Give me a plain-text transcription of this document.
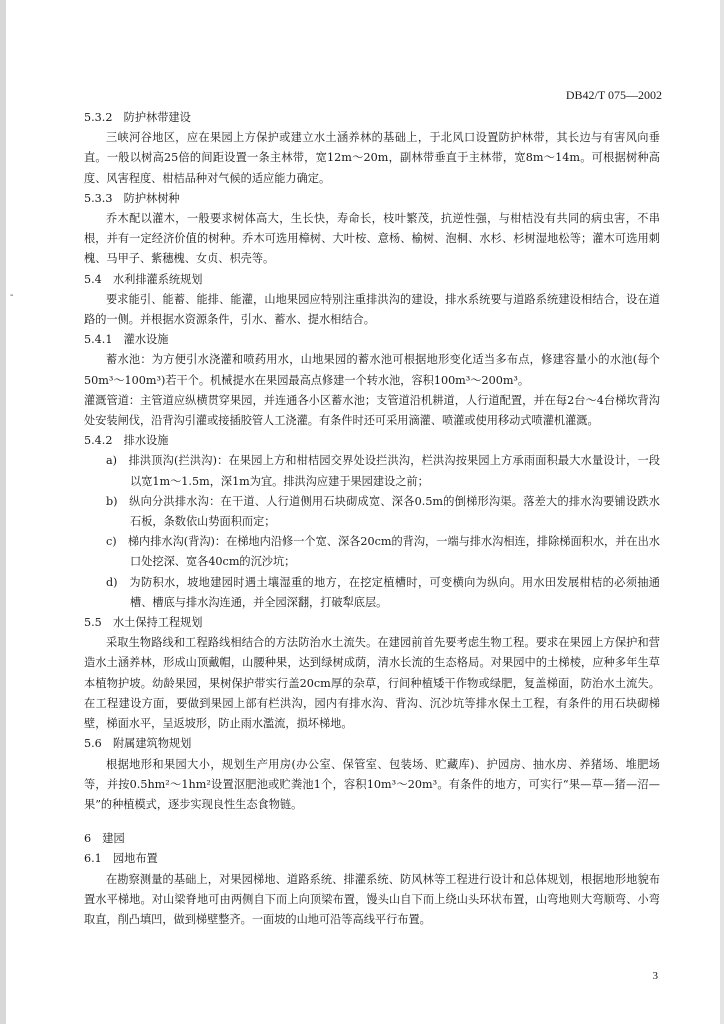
-
DB42/T 075—2002

5.3.2　防护林带建设

三峡河谷地区，应在果园上方保护或建立水土涵养林的基础上，于北风口设置防护林带，其长边与有害风向垂直。一般以树高25倍的间距设置一条主林带，宽12m～20m，副林带垂直于主林带，宽8m～14m。可根据树种高度、风害程度、柑桔品种对气候的适应能力确定。

5.3.3　防护林树种

乔木配以灌木，一般要求树体高大，生长快，寿命长，枝叶繁茂，抗逆性强，与柑桔没有共同的病虫害，不串根，并有一定经济价值的树种。乔木可选用樟树、大叶桉、意杨、榆树、泡桐、水杉、杉树湿地松等；灌木可选用刺槐、马甲子、紫穗槐、女贞、枳壳等。

5.4　水利排灌系统规划

要求能引、能蓄、能排、能灌，山地果园应特别注重排洪沟的建设，排水系统要与道路系统建设相结合，设在道路的一侧。并根据水资源条件，引水、蓄水、提水相结合。

5.4.1　灌水设施

蓄水池：为方便引水浇灌和喷药用水，山地果园的蓄水池可根据地形变化适当多布点，修建容量小的水池(每个50m³～100m³)若干个。机械提水在果园最高点修建一个转水池，容积100m³～200m³。

灌溉管道：主管道应纵横贯穿果园，并连通各小区蓄水池；支管道沿机耕道，人行道配置，并在每2台～4台梯坎背沟处安装闸伐，沿背沟引灌或接插胶管人工浇灌。有条件时还可采用滴灌、喷灌或使用移动式喷灌机灌溉。

5.4.2　排水设施

a)　排洪顶沟(拦洪沟)：在果园上方和柑桔园交界处设拦洪沟，栏洪沟按果园上方承雨面积最大水量设计，一段以宽1m～1.5m，深1m为宜。排洪沟应建于果园建设之前；

b)　纵向分洪排水沟：在干道、人行道侧用石块砌成宽、深各0.5m的倒梯形沟渠。落差大的排水沟要铺设跌水石板，条数依山势面积而定；

c)　梯内排水沟(背沟)：在梯地内沿修一个宽、深各20cm的背沟，一端与排水沟相连，排除梯面积水，并在出水口处挖深、宽各40cm的沉沙坑；

d)　为防积水，坡地建园时遇土壤湿重的地方，在挖定植槽时，可变横向为纵向。用水田发展柑桔的必须抽通槽、槽底与排水沟连通，并全园深翻，打破犁底层。

5.5　水土保持工程规划

采取生物路线和工程路线相结合的方法防治水土流失。在建园前首先要考虑生物工程。要求在果园上方保护和营造水土涵养林，形成山顶戴帽，山腰种果，达到绿树成荫，清水长流的生态格局。对果园中的土梯棱，应种多年生草本植物护坡。幼龄果园，果树保护带实行盖20cm厚的杂草，行间种植矮干作物或绿肥，复盖梯面，防治水土流失。在工程建设方面，要做到果园上部有栏洪沟，园内有排水沟、背沟、沉沙坑等排水保土工程，有条件的用石块砌梯壁，梯面水平，呈返坡形，防止雨水濫流，损坏梯地。

5.6　附属建筑物规划

根据地形和果园大小，规划生产用房(办公室、保管室、包装场、贮藏库)、护园房、抽水房、养猪场、堆肥场等，并按0.5hm²～1hm²设置沤肥池或贮粪池1个，容积10m³～20m³。有条件的地方，可实行“果—草—猪—沼—果”的种植模式，逐步实现良性生态食物链。

6　建园

6.1　园地布置

在勘察测量的基础上，对果园梯地、道路系统、排灌系统、防风林等工程进行设计和总体规划，根据地形地貌布置水平梯地。对山梁脊地可由两侧自下而上向顶梁布置，馒头山自下而上绕山头环状布置，山弯地则大弯顺弯、小弯取直，削凸填凹，做到梯壁整齐。一面坡的山地可沿等高线平行布置。

3
